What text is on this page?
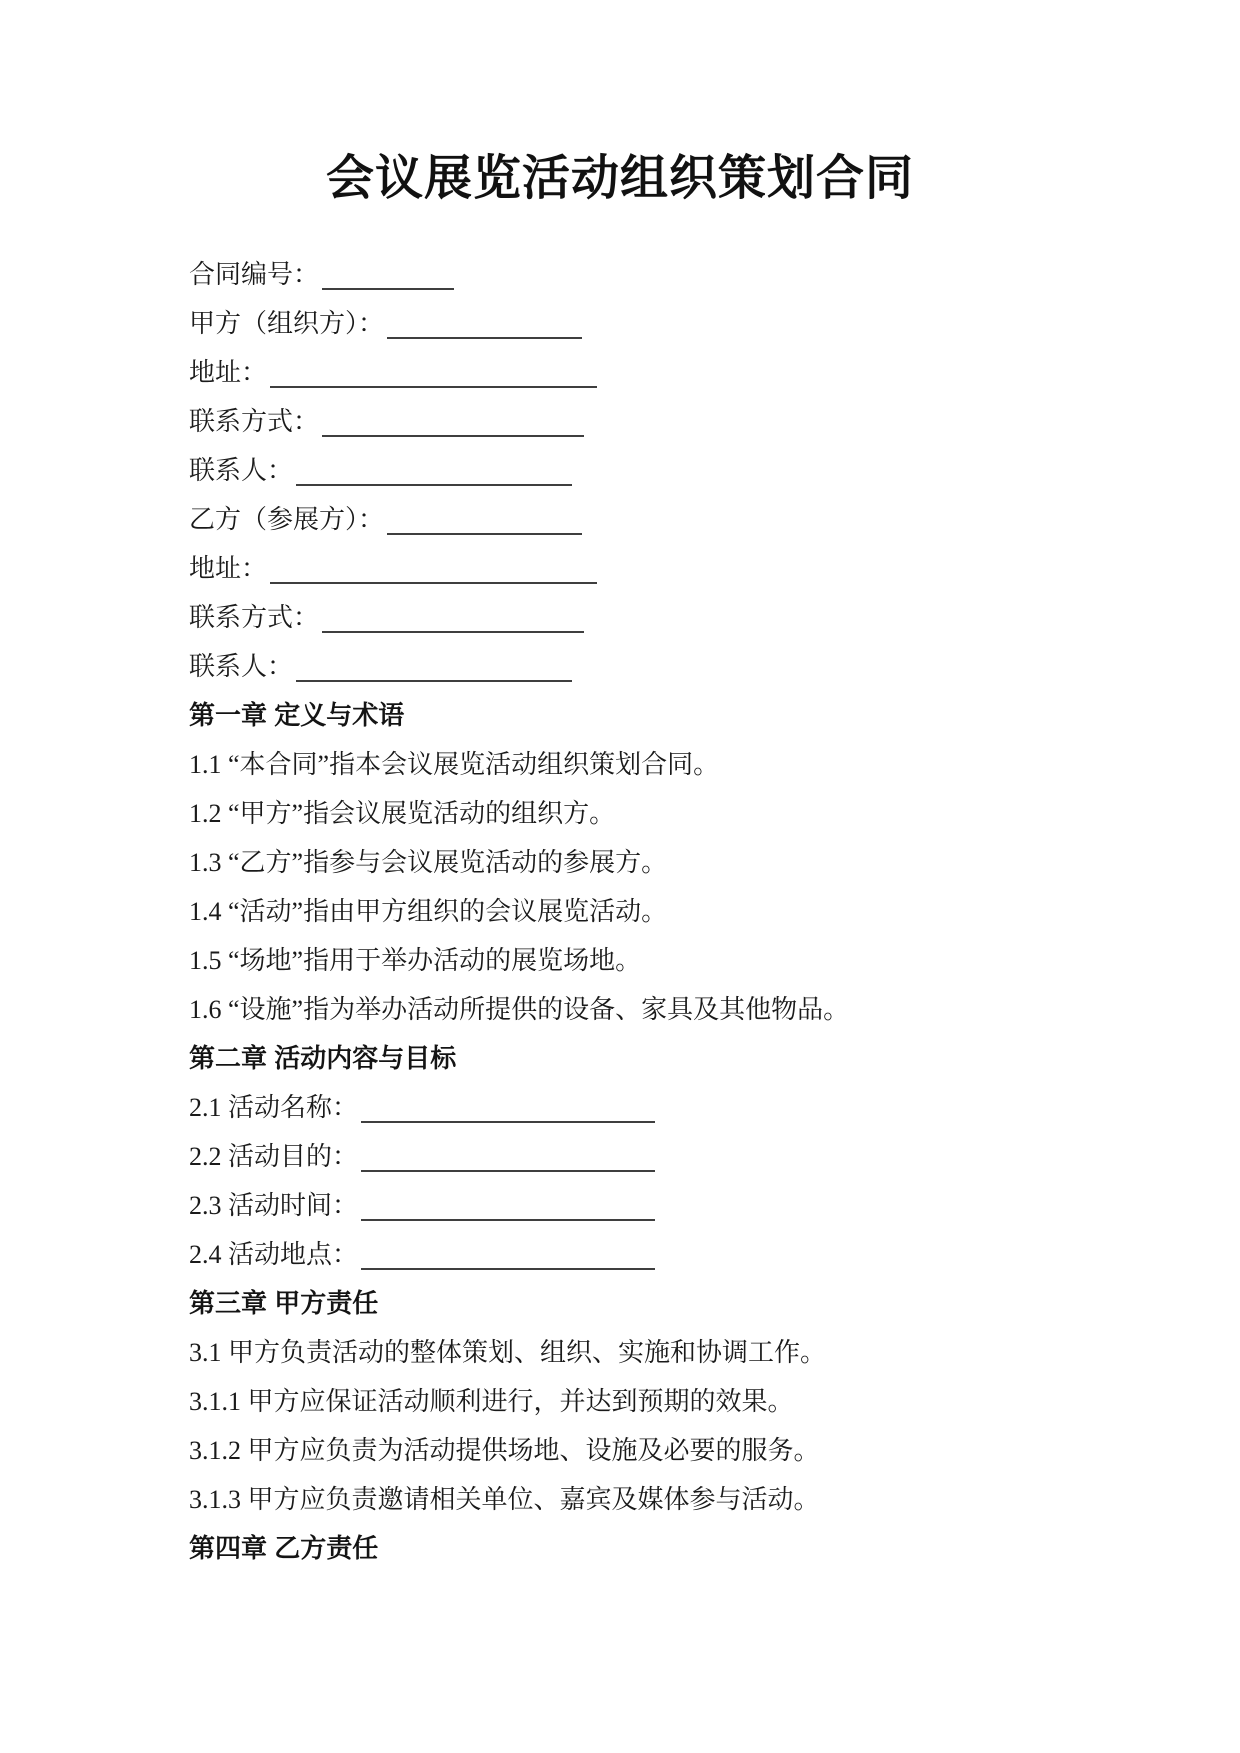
会议展览活动组织策划合同
合同编号：
甲方（组织方）：
地址：
联系方式：
联系人：
乙方（参展方）：
地址：
联系方式：
联系人：
第一章 定义与术语
1.1 “本合同”指本会议展览活动组织策划合同。
1.2 “甲方”指会议展览活动的组织方。
1.3 “乙方”指参与会议展览活动的参展方。
1.4 “活动”指由甲方组织的会议展览活动。
1.5 “场地”指用于举办活动的展览场地。
1.6 “设施”指为举办活动所提供的设备、家具及其他物品。
第二章 活动内容与目标
2.1 活动名称：
2.2 活动目的：
2.3 活动时间：
2.4 活动地点：
第三章 甲方责任
3.1 甲方负责活动的整体策划、组织、实施和协调工作。
3.1.1 甲方应保证活动顺利进行，并达到预期的效果。
3.1.2 甲方应负责为活动提供场地、设施及必要的服务。
3.1.3 甲方应负责邀请相关单位、嘉宾及媒体参与活动。
第四章 乙方责任
